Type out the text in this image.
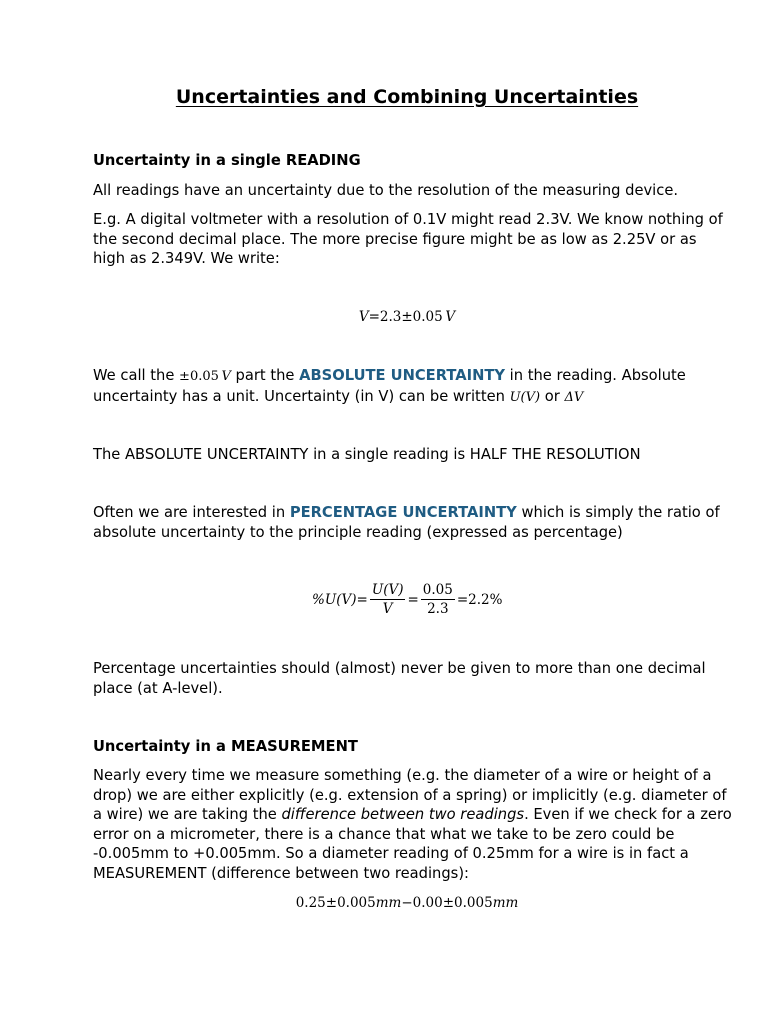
Uncertainties and Combining Uncertainties

Uncertainty in a single READING

All readings have an uncertainty due to the resolution of the measuring device.

E.g. A digital voltmeter with a resolution of 0.1V might read 2.3V. We know nothing of the second decimal place. The more precise figure might be as low as 2.25V or as high as 2.349V. We write:

V=2.3±0.05  V

We call the ±0.05  V part the ABSOLUTE UNCERTAINTY in the reading. Absolute uncertainty has a unit. Uncertainty (in V) can be written U(V) or ΔV

The ABSOLUTE UNCERTAINTY in a single reading is HALF THE RESOLUTION

Often we are interested in PERCENTAGE UNCERTAINTY which is simply the ratio of absolute uncertainty to the principle reading (expressed as percentage)

$\%U(V) = \frac{U(V)}{V} = \frac{0.05}{2.3} =2.2\%$

Percentage uncertainties should (almost) never be given to more than one decimal place (at A-level).

Uncertainty in a MEASUREMENT

Nearly every time we measure something (e.g. the diameter of a wire or height of a drop) we are either explicitly (e.g. extension of a spring) or implicitly (e.g. diameter of a wire) we are taking the difference between two readings. Even if we check for a zero error on a micrometer, there is a chance that what we take to be zero could be -0.005mm to +0.005mm. So a diameter reading of 0.25mm for a wire is in fact a MEASUREMENT (difference between two readings):

0.25±0.005mm−0.00±0.005mm
